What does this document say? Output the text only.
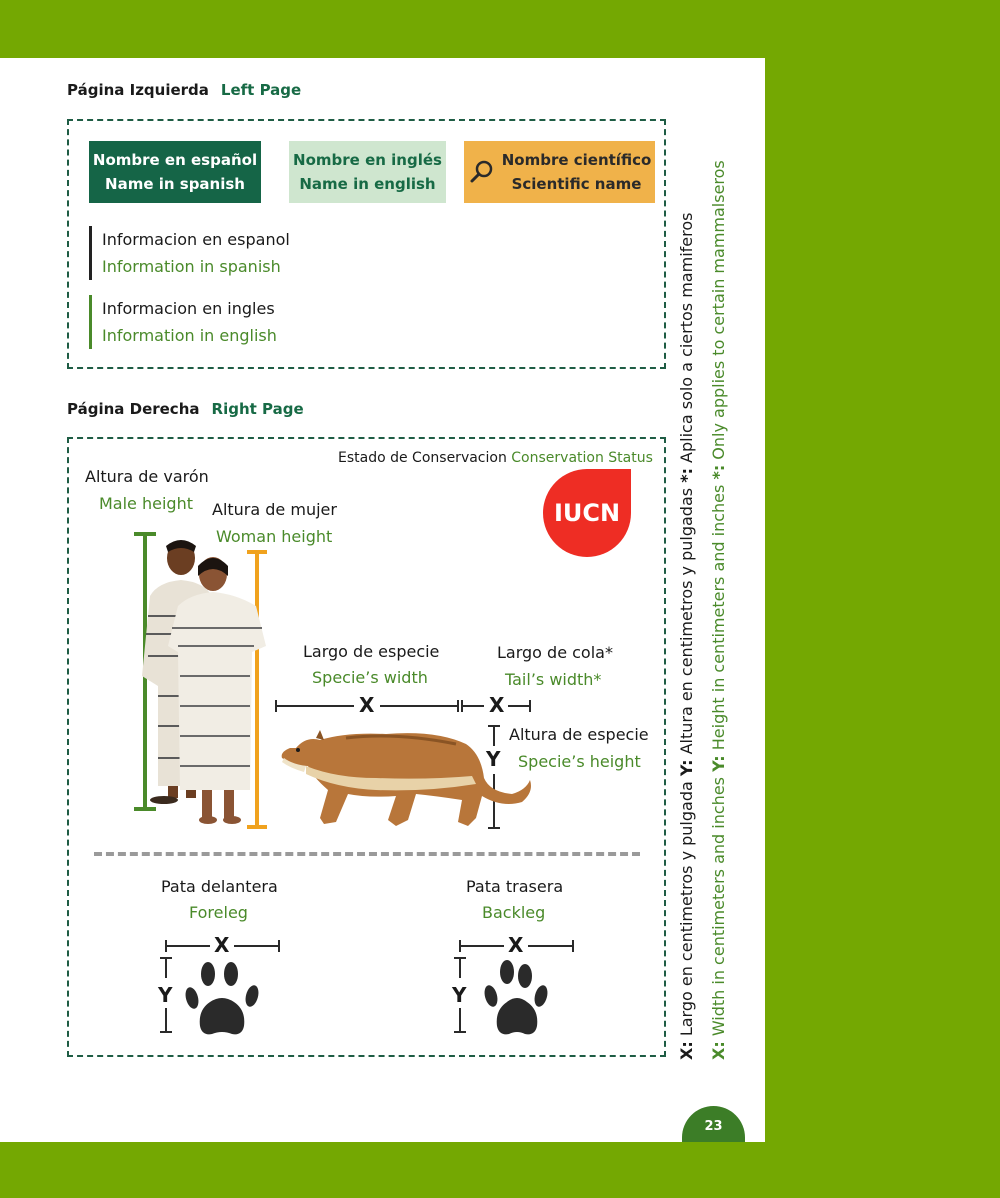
Página Izquierda Left Page
Nombre en español
Name in spanish
Nombre en inglés
Name in english
Nombre científico
Scientific name
Informacion en espanol
Information in spanish
Informacion en ingles
Information in english
Página Derecha Right Page
Estado de Conservacion Conservation Status
IUCN
Altura de varón
Male height Altura de mujer
Woman height
Largo de especie
Specie’s width
Largo de cola*
Tail’s width*
X	X
Altura de especie
Specie’s height
Y
Pata delantera
Foreleg
Pata trasera
Backleg
X
Y
X
Y
X: Largo en centimetros y pulgada Y: Altura en centimetros y pulgadas *: Aplica solo a ciertos mamiferos
X: Width in centimeters and inches Y: Height in centimeters and inches *: Only applies to certain mammalseros
23
